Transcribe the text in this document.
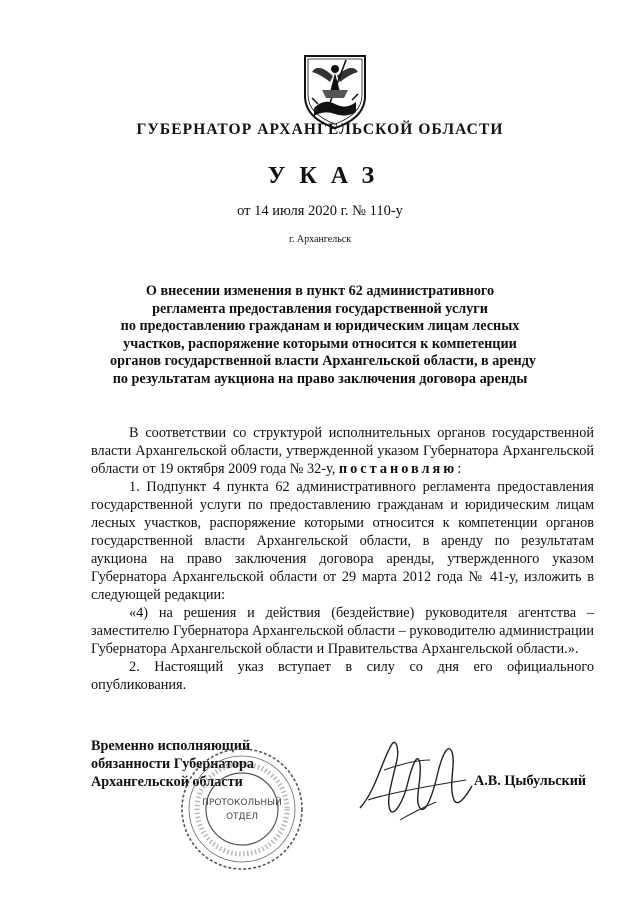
ГУБЕРНАТОР АРХАНГЕЛЬСКОЙ ОБЛАСТИ
УКАЗ
от 14 июля 2020 г. № 110-у
г. Архангельск
О внесении изменения в пункт 62 административного
регламента предоставления государственной услуги
по предоставлению гражданам и юридическим лицам лесных
участков, распоряжение которыми относится к компетенции
органов государственной власти Архангельской области, в аренду
по результатам аукциона на право заключения договора аренды

В соответствии со структурой исполнительных органов государственной власти Архангельской области, утвержденной указом Губернатора Архангельской области от 19 октября 2009 года № 32-у, постановляю:

1. Подпункт 4 пункта 62 административного регламента предоставления государственной услуги по предоставлению гражданам и юридическим лицам лесных участков, распоряжение которыми относится к компетенции органов государственной власти Архангельской области, в аренду по результатам аукциона на право заключения договора аренды, утвержденного указом Губернатора Архангельской области от 29 марта 2012 года № 41-у, изложить в следующей редакции:

«4) на решения и действия (бездействие) руководителя агентства – заместителю Губернатора Архангельской области – руководителю администрации Губернатора Архангельской области и Правительства Архангельской области.».

2. Настоящий указ вступает в силу со дня его официального опубликования.

Временно исполняющий
обязанности Губернатора
Архангельской области
ПРОТОКОЛЬНЫЙ
ОТДЕЛ
А.В. Цыбульский
